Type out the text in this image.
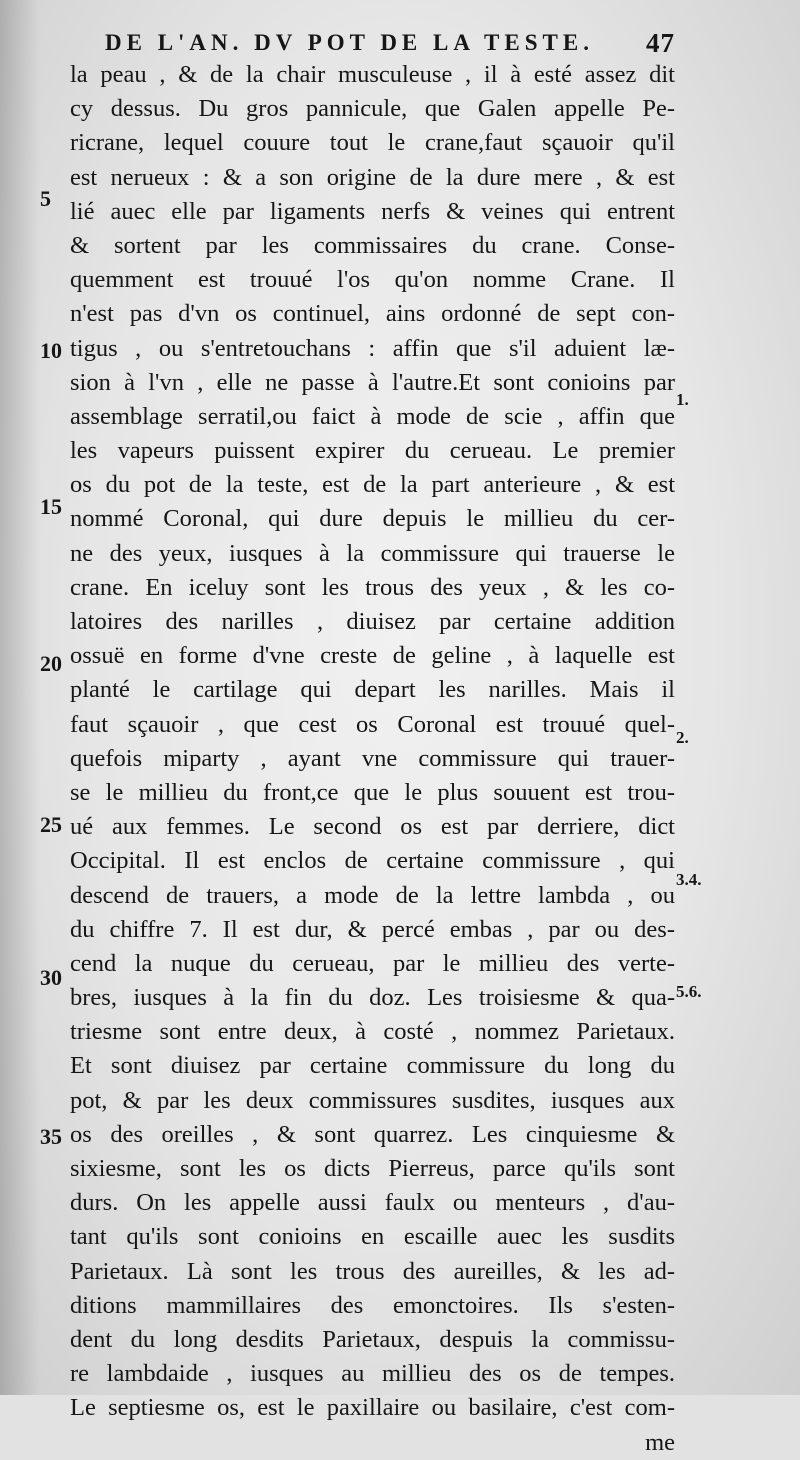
DE L'AN. DV POT DE LA TESTE. 47
la peau , & de la chair musculeuse , il à esté assez dit
cy dessus. Du gros pannicule, que Galen appelle Pe-
ricrane, lequel couure tout le crane,faut sçauoir qu'il
est nerueux : & a son origine de la dure mere , & est
lié auec elle par ligaments nerfs & veines qui entrent
& sortent par les commissaires du crane. Conse-
quemment est trouué l'os qu'on nomme Crane. Il
n'est pas d'vn os continuel, ains ordonné de sept con-
tigus , ou s'entretouchans : affin que s'il aduient læ-
sion à l'vn , elle ne passe à l'autre.Et sont conioins par
assemblage serratil,ou faict à mode de scie , affin que
les vapeurs puissent expirer du cerueau. Le premier
os du pot de la teste, est de la part anterieure , & est
nommé Coronal, qui dure depuis le millieu du cer-
ne des yeux, iusques à la commissure qui trauerse le
crane. En iceluy sont les trous des yeux , & les co-
latoires des narilles , diuisez par certaine addition
ossuë en forme d'vne creste de geline , à laquelle est
planté le cartilage qui depart les narilles. Mais il
faut sçauoir , que cest os Coronal est trouué quel-
quefois miparty , ayant vne commissure qui trauer-
se le millieu du front,ce que le plus souuent est trou-
ué aux femmes. Le second os est par derriere, dict
Occipital. Il est enclos de certaine commissure , qui
descend de trauers, a mode de la lettre lambda , ou
du chiffre 7. Il est dur, & percé embas , par ou des-
cend la nuque du cerueau, par le millieu des verte-
bres, iusques à la fin du doz. Les troisiesme & qua-
triesme sont entre deux, à costé , nommez Parietaux.
Et sont diuisez par certaine commissure du long du
pot, & par les deux commissures susdites, iusques aux
os des oreilles , & sont quarrez. Les cinquiesme &
sixiesme, sont les os dicts Pierreus, parce qu'ils sont
durs. On les appelle aussi faulx ou menteurs , d'au-
tant qu'ils sont conioins en escaille auec les susdits
Parietaux. Là sont les trous des aureilles, & les ad-
ditions mammillaires des emonctoires. Ils s'esten-
dent du long desdits Parietaux, despuis la commissu-
re lambdaide , iusques au millieu des os de tempes.
Le septiesme os, est le paxillaire ou basilaire, c'est com-
me
5
10
15
20
25
30
35
1.
2.
3.4.
5.6.
